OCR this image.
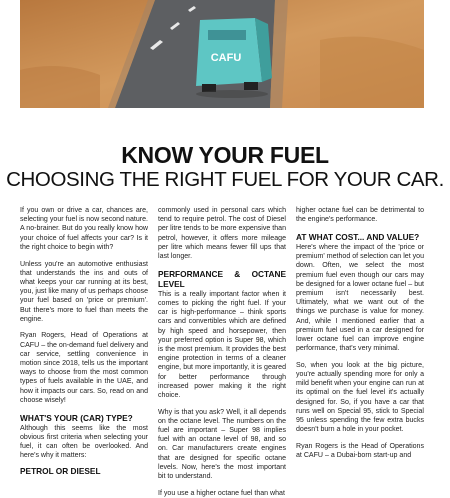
CAFU
KNOW YOUR FUEL
CHOOSING THE RIGHT FUEL FOR YOUR CAR.

If you own or drive a car, chances are, selecting your fuel is now second nature. A no-brainer. But do you really know how your choice of fuel affects your car? Is it the right choice to begin with?

Unless you're an automotive enthusiast that understands the ins and outs of what keeps your car running at its best, you, just like many of us perhaps choose your fuel based on 'price or premium'. But there's more to fuel than meets the engine.

Ryan Rogers, Head of Operations at CAFU – the on-demand fuel delivery and car service, settling convenience in motion since 2018, tells us the important ways to choose from the most common types of fuels available in the UAE, and how it impacts our cars. So, read on and choose wisely!

WHAT'S YOUR (CAR) TYPE?

Although this seems like the most obvious first criteria when selecting your fuel, it can often be overlooked. And here's why it matters:

PETROL OR DIESEL

commonly used in personal cars which tend to require petrol. The cost of Diesel per litre tends to be more expensive than petrol, however, it offers more mileage per litre which means fewer fill ups that last longer.

PERFORMANCE & OCTANE LEVEL

This is a really important factor when it comes to picking the right fuel. If your car is high-performance – think sports cars and convertibles which are defined by high speed and horsepower, then your preferred option is Super 98, which is the most premium. It provides the best engine protection in terms of a cleaner engine, but more importantly, it is geared for better performance through increased power making it the right choice.

Why is that you ask? Well, it all depends on the octane level. The numbers on the fuel are important – Super 98 implies fuel with an octane level of 98, and so on. Car manufacturers create engines that are designed for specific octane levels. Now, here's the most important bit to understand.

If you use a higher octane fuel than what

higher octane fuel can be detrimental to the engine's performance.

AT WHAT COST... AND VALUE?

Here's where the impact of the 'price or premium' method of selection can let you down. Often, we select the most premium fuel even though our cars may be designed for a lower octane fuel – but premium isn't necessarily best. Ultimately, what we want out of the things we purchase is value for money. And, while I mentioned earlier that a premium fuel used in a car designed for lower octane fuel can improve engine performance, that's very minimal.

So, when you look at the big picture, you're actually spending more for only a mild benefit when your engine can run at its optimal on the fuel level it's actually designed for. So, if you have a car that runs well on Special 95, stick to Special 95 unless spending the few extra bucks doesn't burn a hole in your pocket.

Ryan Rogers is the Head of Operations at CAFU – a Dubai-born start-up and
